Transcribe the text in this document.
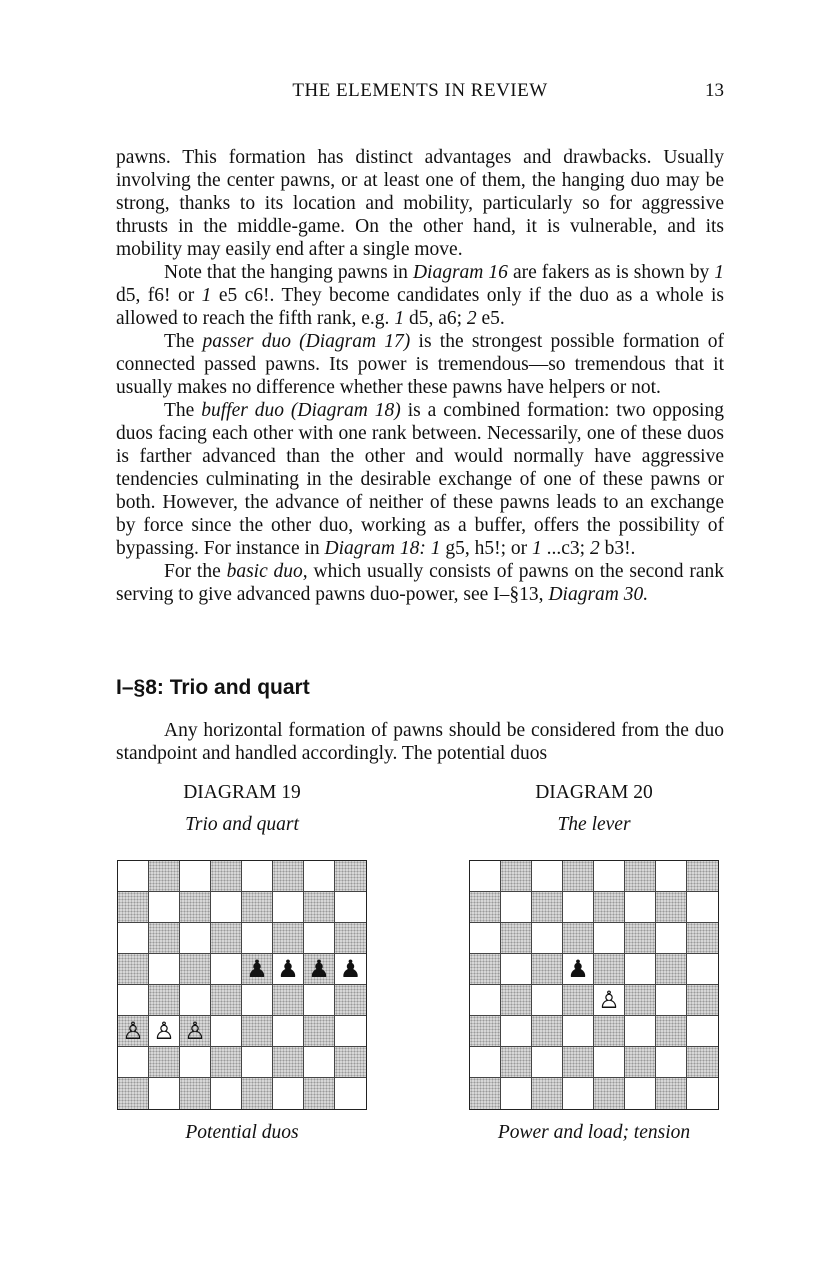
THE ELEMENTS IN REVIEW	13

pawns. This formation has distinct advantages and drawbacks. Usually involving the center pawns, or at least one of them, the hanging duo may be strong, thanks to its location and mobility, particularly so for aggressive thrusts in the middle-game. On the other hand, it is vulnerable, and its mobility may easily end after a single move.

Note that the hanging pawns in Diagram 16 are fakers as is shown by 1 d5, f6! or 1 e5 c6!. They become candidates only if the duo as a whole is allowed to reach the fifth rank, e.g. 1 d5, a6; 2 e5.

The passer duo (Diagram 17) is the strongest possible formation of connected passed pawns. Its power is tremendous—so tremendous that it usually makes no difference whether these pawns have helpers or not.

The buffer duo (Diagram 18) is a combined formation: two opposing duos facing each other with one rank between. Necessarily, one of these duos is farther advanced than the other and would normally have aggressive tendencies culminating in the desirable exchange of one of these pawns or both. However, the advance of neither of these pawns leads to an exchange by force since the other duo, working as a buffer, offers the possibility of bypassing. For instance in Diagram 18: 1 g5, h5!; or 1 ...c3; 2 b3!.

For the basic duo, which usually consists of pawns on the second rank serving to give advanced pawns duo-power, see I–§13, Diagram 30.

I–§8: Trio and quart

Any horizontal formation of pawns should be considered from the duo standpoint and handled accordingly. The potential duos

DIAGRAM 19
Trio and quart
♟ ♟ ♟ ♟
♙ ♙ ♙
Potential duos
DIAGRAM 20
The lever
♟
♙
Power and load; tension
